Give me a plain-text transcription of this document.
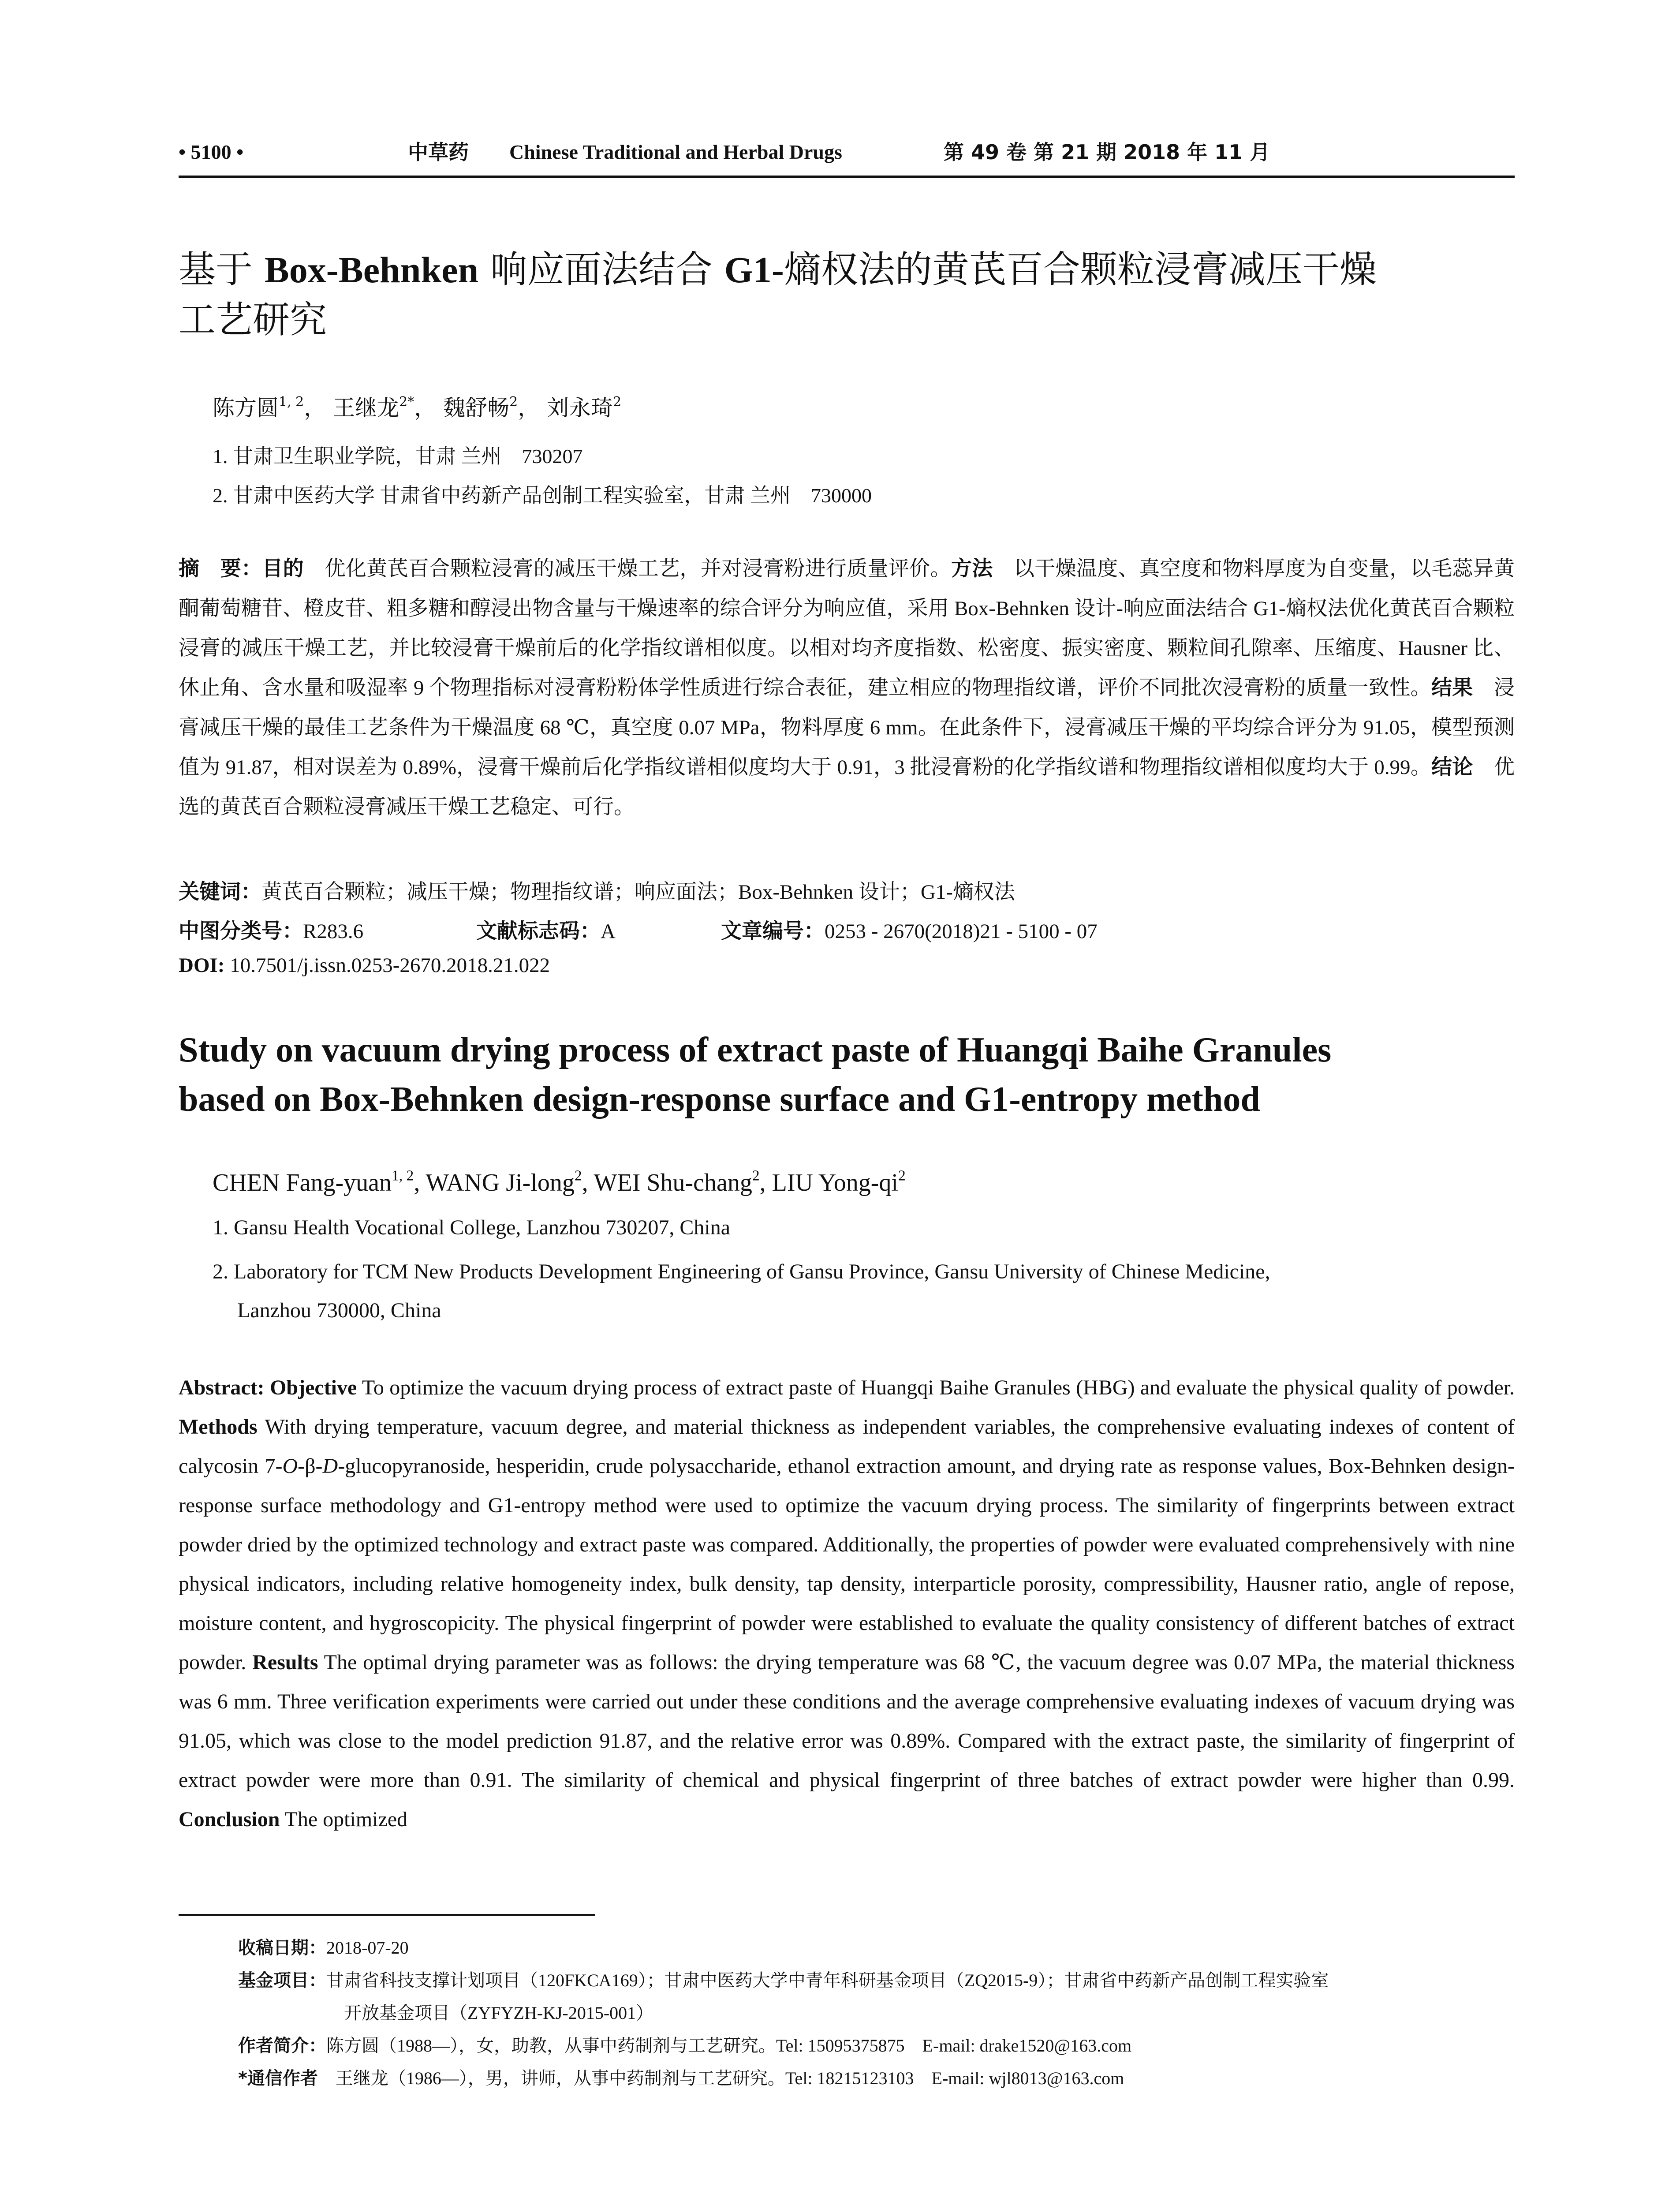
• 5100 •	中草药 Chinese Traditional and Herbal Drugs	第 49 卷 第 21 期 2018 年 11 月
基于 Box-Behnken 响应面法结合 G1-熵权法的黄芪百合颗粒浸膏减压干燥
工艺研究
陈方圆$^{1, 2}$， 王继龙$^{2*}$， 魏舒畅$^2$， 刘永琦$^2$
1. 甘肃卫生职业学院，甘肃 兰州　730207
2. 甘肃中医药大学 甘肃省中药新产品创制工程实验室，甘肃 兰州　730000
摘　要：目的　优化黄芪百合颗粒浸膏的减压干燥工艺，并对浸膏粉进行质量评价。方法　以干燥温度、真空度和物料厚度为自变量，以毛蕊异黄酮葡萄糖苷、橙皮苷、粗多糖和醇浸出物含量与干燥速率的综合评分为响应值，采用 Box-Behnken 设计-响应面法结合 G1-熵权法优化黄芪百合颗粒浸膏的减压干燥工艺，并比较浸膏干燥前后的化学指纹谱相似度。以相对均齐度指数、松密度、振实密度、颗粒间孔隙率、压缩度、Hausner 比、休止角、含水量和吸湿率 9 个物理指标对浸膏粉粉体学性质进行综合表征，建立相应的物理指纹谱，评价不同批次浸膏粉的质量一致性。结果　浸膏减压干燥的最佳工艺条件为干燥温度 68 ℃，真空度 0.07 MPa，物料厚度 6 mm。在此条件下，浸膏减压干燥的平均综合评分为 91.05，模型预测值为 91.87，相对误差为 0.89%，浸膏干燥前后化学指纹谱相似度均大于 0.91，3 批浸膏粉的化学指纹谱和物理指纹谱相似度均大于 0.99。结论　优选的黄芪百合颗粒浸膏减压干燥工艺稳定、可行。
关键词：黄芪百合颗粒；减压干燥；物理指纹谱；响应面法；Box-Behnken 设计；G1-熵权法
中图分类号：R283.6	文献标志码：A	文章编号：0253 - 2670(2018)21 - 5100 - 07
DOI: 10.7501/j.issn.0253-2670.2018.21.022
Study on vacuum drying process of extract paste of Huangqi Baihe Granules
based on Box-Behnken design-response surface and G1-entropy method
CHEN Fang-yuan$^{1, 2}$, WANG Ji-long$^2$, WEI Shu-chang$^2$, LIU Yong-$qi^2$
1. Gansu Health Vocational College, Lanzhou 730207, China
2. Laboratory for TCM New Products Development Engineering of Gansu Province, Gansu University of Chinese Medicine,
Lanzhou 730000, China
Abstract: Objective To optimize the vacuum drying process of extract paste of Huangqi Baihe Granules (HBG) and evaluate the physical quality of powder. Methods With drying temperature, vacuum degree, and material thickness as independent variables, the comprehensive evaluating indexes of content of calycosin 7-O-β-D-glucopyranoside, hesperidin, crude polysaccharide, ethanol extraction amount, and drying rate as response values, Box-Behnken design-response surface methodology and G1-entropy method were used to optimize the vacuum drying process. The similarity of fingerprints between extract powder dried by the optimized technology and extract paste was compared. Additionally, the properties of powder were evaluated comprehensively with nine physical indicators, including relative homogeneity index, bulk density, tap density, interparticle porosity, compressibility, Hausner ratio, angle of repose, moisture content, and hygroscopicity. The physical fingerprint of powder were established to evaluate the quality consistency of different batches of extract powder. Results The optimal drying parameter was as follows: the drying temperature was 68 ℃, the vacuum degree was 0.07 MPa, the material thickness was 6 mm. Three verification experiments were carried out under these conditions and the average comprehensive evaluating indexes of vacuum drying was 91.05, which was close to the model prediction 91.87, and the relative error was 0.89%. Compared with the extract paste, the similarity of fingerprint of extract powder were more than 0.91. The similarity of chemical and physical fingerprint of three batches of extract powder were higher than 0.99. Conclusion The optimized
收稿日期：2018-07-20
基金项目：甘肃省科技支撑计划项目（120FKCA169）；甘肃中医药大学中青年科研基金项目（ZQ2015-9）；甘肃省中药新产品创制工程实验室
开放基金项目（ZYFYZH-KJ-2015-001）
作者简介：陈方圆（1988—），女，助教，从事中药制剂与工艺研究。Tel: 15095375875　E-mail: drake1520@163.com
*通信作者　王继龙（1986—），男，讲师，从事中药制剂与工艺研究。Tel: 18215123103　E-mail: wjl8013@163.com
